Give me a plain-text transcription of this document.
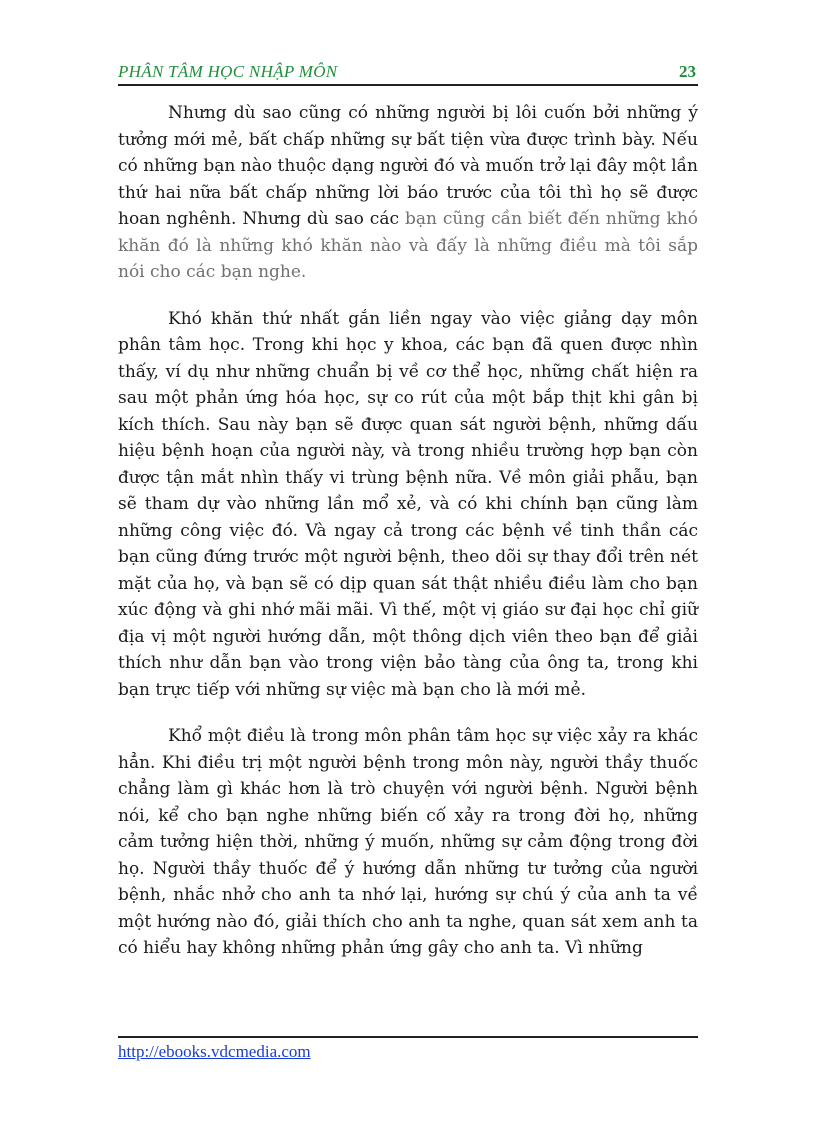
PHÂN TÂM HỌC NHẬP MÔN	23

Nhưng dù sao cũng có những người bị lôi cuốn bởi những ý tưởng mới mẻ, bất chấp những sự bất tiện vừa được trình bày. Nếu có những bạn nào thuộc dạng người đó và muốn trở lại đây một lần thứ hai nữa bất chấp những lời báo trước của tôi thì họ sẽ được hoan nghênh. Nhưng dù sao các bạn cũng cần biết đến những khó khăn đó là những khó khăn nào và đấy là những điều mà tôi sắp nói cho các bạn nghe.

Khó khăn thứ nhất gắn liền ngay vào việc giảng dạy môn phân tâm học. Trong khi học y khoa, các bạn đã quen được nhìn thấy, ví dụ như những chuẩn bị về cơ thể học, những chất hiện ra sau một phản ứng hóa học, sự co rút của một bắp thịt khi gân bị kích thích. Sau này bạn sẽ được quan sát người bệnh, những dấu hiệu bệnh hoạn của người này, và trong nhiều trường hợp bạn còn được tận mắt nhìn thấy vi trùng bệnh nữa. Về môn giải phẫu, bạn sẽ tham dự vào những lần mổ xẻ, và có khi chính bạn cũng làm những công việc đó. Và ngay cả trong các bệnh về tinh thần các bạn cũng đứng trước một người bệnh, theo dõi sự thay đổi trên nét mặt của họ, và bạn sẽ có dịp quan sát thật nhiều điều làm cho bạn xúc động và ghi nhớ mãi mãi. Vì thế, một vị giáo sư đại học chỉ giữ địa vị một người hướng dẫn, một thông dịch viên theo bạn để giải thích như dẫn bạn vào trong viện bảo tàng của ông ta, trong khi bạn trực tiếp với những sự việc mà bạn cho là mới mẻ.

Khổ một điều là trong môn phân tâm học sự việc xảy ra khác hẳn. Khi điều trị một người bệnh trong môn này, người thầy thuốc chẳng làm gì khác hơn là trò chuyện với người bệnh. Người bệnh nói, kể cho bạn nghe những biến cố xảy ra trong đời họ, những cảm tưởng hiện thời, những ý muốn, những sự cảm động trong đời họ. Người thầy thuốc để ý hướng dẫn những tư tưởng của người bệnh, nhắc nhở cho anh ta nhớ lại, hướng sự chú ý của anh ta về một hướng nào đó, giải thích cho anh ta nghe, quan sát xem anh ta có hiểu hay không những phản ứng gây cho anh ta. Vì những

http://ebooks.vdcmedia.com
